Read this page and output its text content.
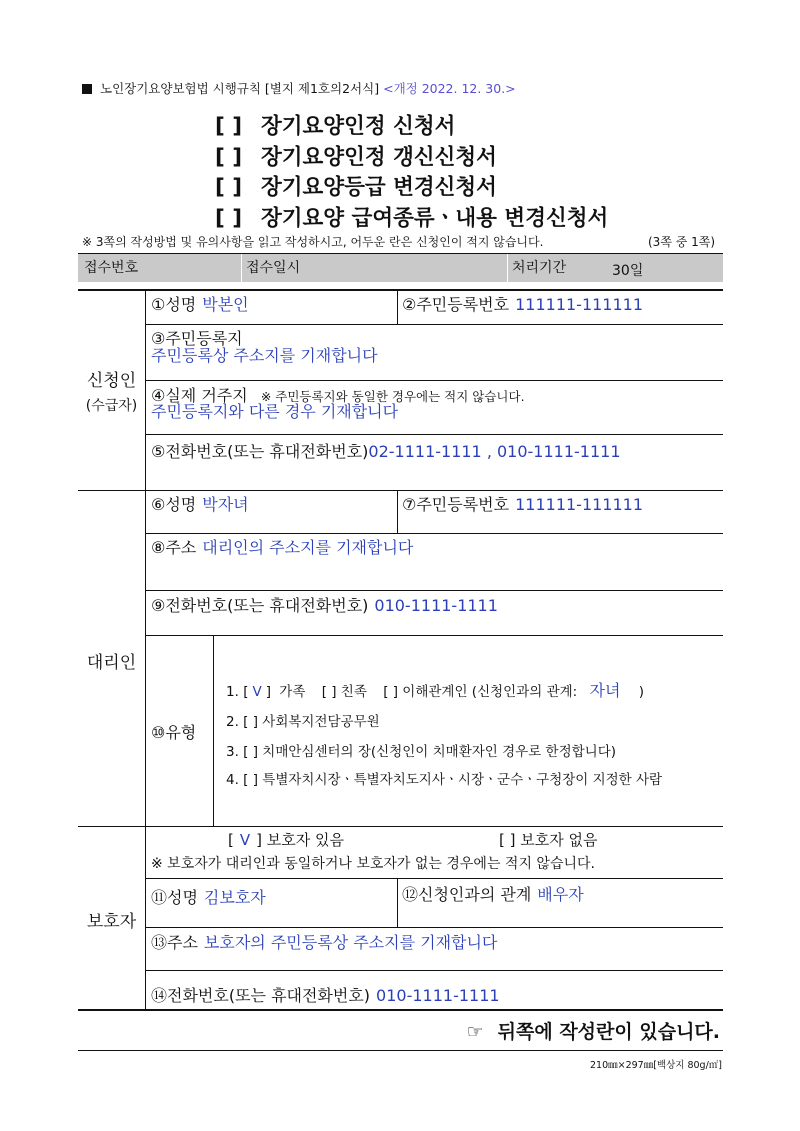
노인장기요양보험법 시행규칙 [별지 제1호의2서식] <개정 2022. 12. 30.>
[ ] 장기요양인정 신청서
[ ] 장기요양인정 갱신신청서
[ ] 장기요양등급 변경신청서
[ ] 장기요양 급여종류ㆍ내용 변경신청서
※ 3쪽의 작성방법 및 유의사항을 읽고 작성하시고, 어두운 란은 신청인이 적지 않습니다.	(3쪽 중 1쪽)
접수번호	접수일시	처리기간	30일
신청인
(수급자)
①성명 박본인	②주민등록번호 111111-111111
③주민등록지
주민등록상 주소지를 기재합니다
④실제 거주지 ※ 주민등록지와 동일한 경우에는 적지 않습니다.
주민등록지와 다른 경우 기재합니다
⑤전화번호(또는 휴대전화번호)02-1111-1111 , 010-1111-1111
대리인
⑥성명 박자녀	⑦주민등록번호 111111-111111
⑧주소 대리인의 주소지를 기재합니다
⑨전화번호(또는 휴대전화번호) 010-1111-1111
⑩유형
1. [ V ] 가족 [ ] 친족 [ ] 이해관계인 (신청인과의 관계: 자녀 )
2. [ ] 사회복지전담공무원
3. [ ] 치매안심센터의 장(신청인이 치매환자인 경우로 한정합니다)
4. [ ] 특별자치시장ㆍ특별자치도지사ㆍ시장ㆍ군수ㆍ구청장이 지정한 사람
보호자
[ V ] 보호자 있음	[ ] 보호자 없음
※ 보호자가 대리인과 동일하거나 보호자가 없는 경우에는 적지 않습니다.
⑪성명 김보호자	⑫신청인과의 관계 배우자
⑬주소 보호자의 주민등록상 주소지를 기재합니다
⑭전화번호(또는 휴대전화번호) 010-1111-1111
☞ 뒤쪽에 작성란이 있습니다.
210㎜×297㎜[백상지 80g/㎡]
